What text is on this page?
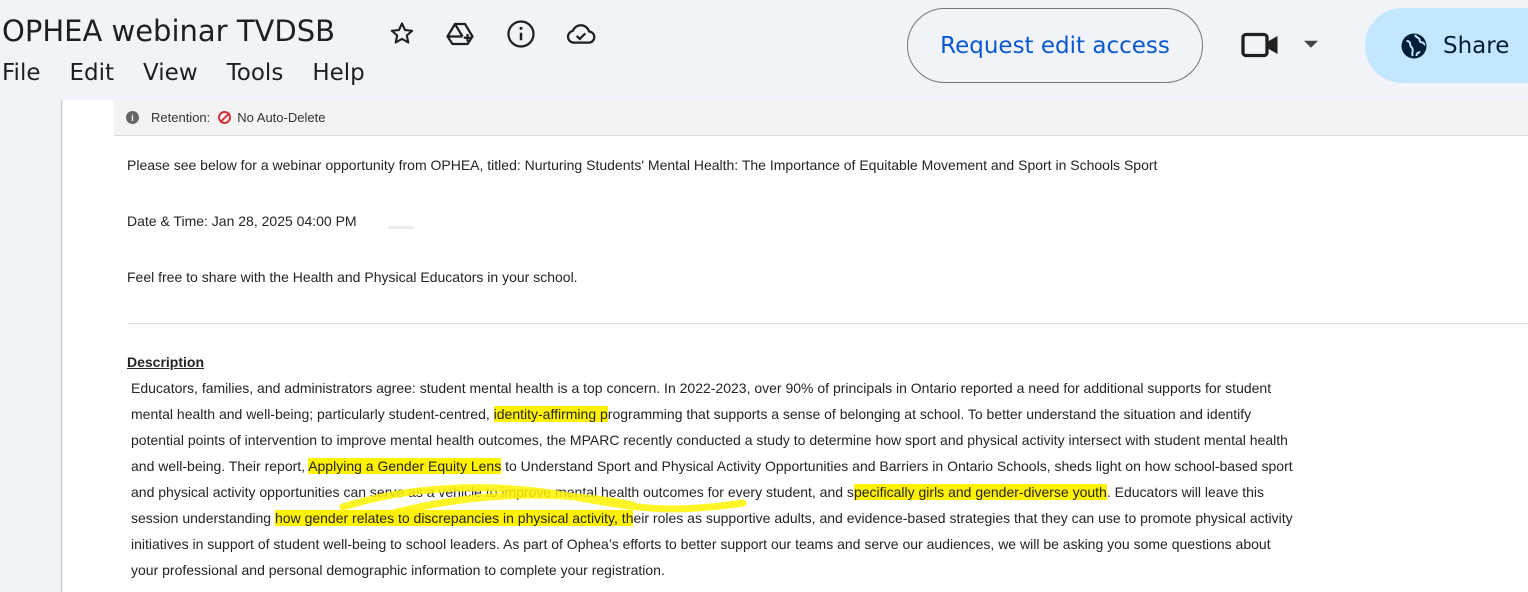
OPHEA webinar TVDSB
File Edit View Tools Help
Request edit access	Share
i	Retention: No Auto-Delete
Please see below for a webinar opportunity from OPHEA, titled: Nurturing Students' Mental Health: The Importance of Equitable Movement and Sport in Schools Sport
Date & Time: Jan 28, 2025 04:00 PM
Feel free to share with the Health and Physical Educators in your school.
Description
Educators, families, and administrators agree: student mental health is a top concern. In 2022-2023, over 90% of principals in Ontario reported a need for additional supports for student
mental health and well-being; particularly student-centred, identity-affirming programming that supports a sense of belonging at school. To better understand the situation and identify
potential points of intervention to improve mental health outcomes, the MPARC recently conducted a study to determine how sport and physical activity intersect with student mental health
and well-being. Their report, Applying a Gender Equity Lens to Understand Sport and Physical Activity Opportunities and Barriers in Ontario Schools, sheds light on how school-based sport
and physical activity opportunities can serve as a vehicle to improve mental health outcomes for every student, and specifically girls and gender-diverse youth. Educators will leave this
session understanding how gender relates to discrepancies in physical activity, their roles as supportive adults, and evidence-based strategies that they can use to promote physical activity
initiatives in support of student well-being to school leaders. As part of Ophea’s efforts to better support our teams and serve our audiences, we will be asking you some questions about
your professional and personal demographic information to complete your registration.
